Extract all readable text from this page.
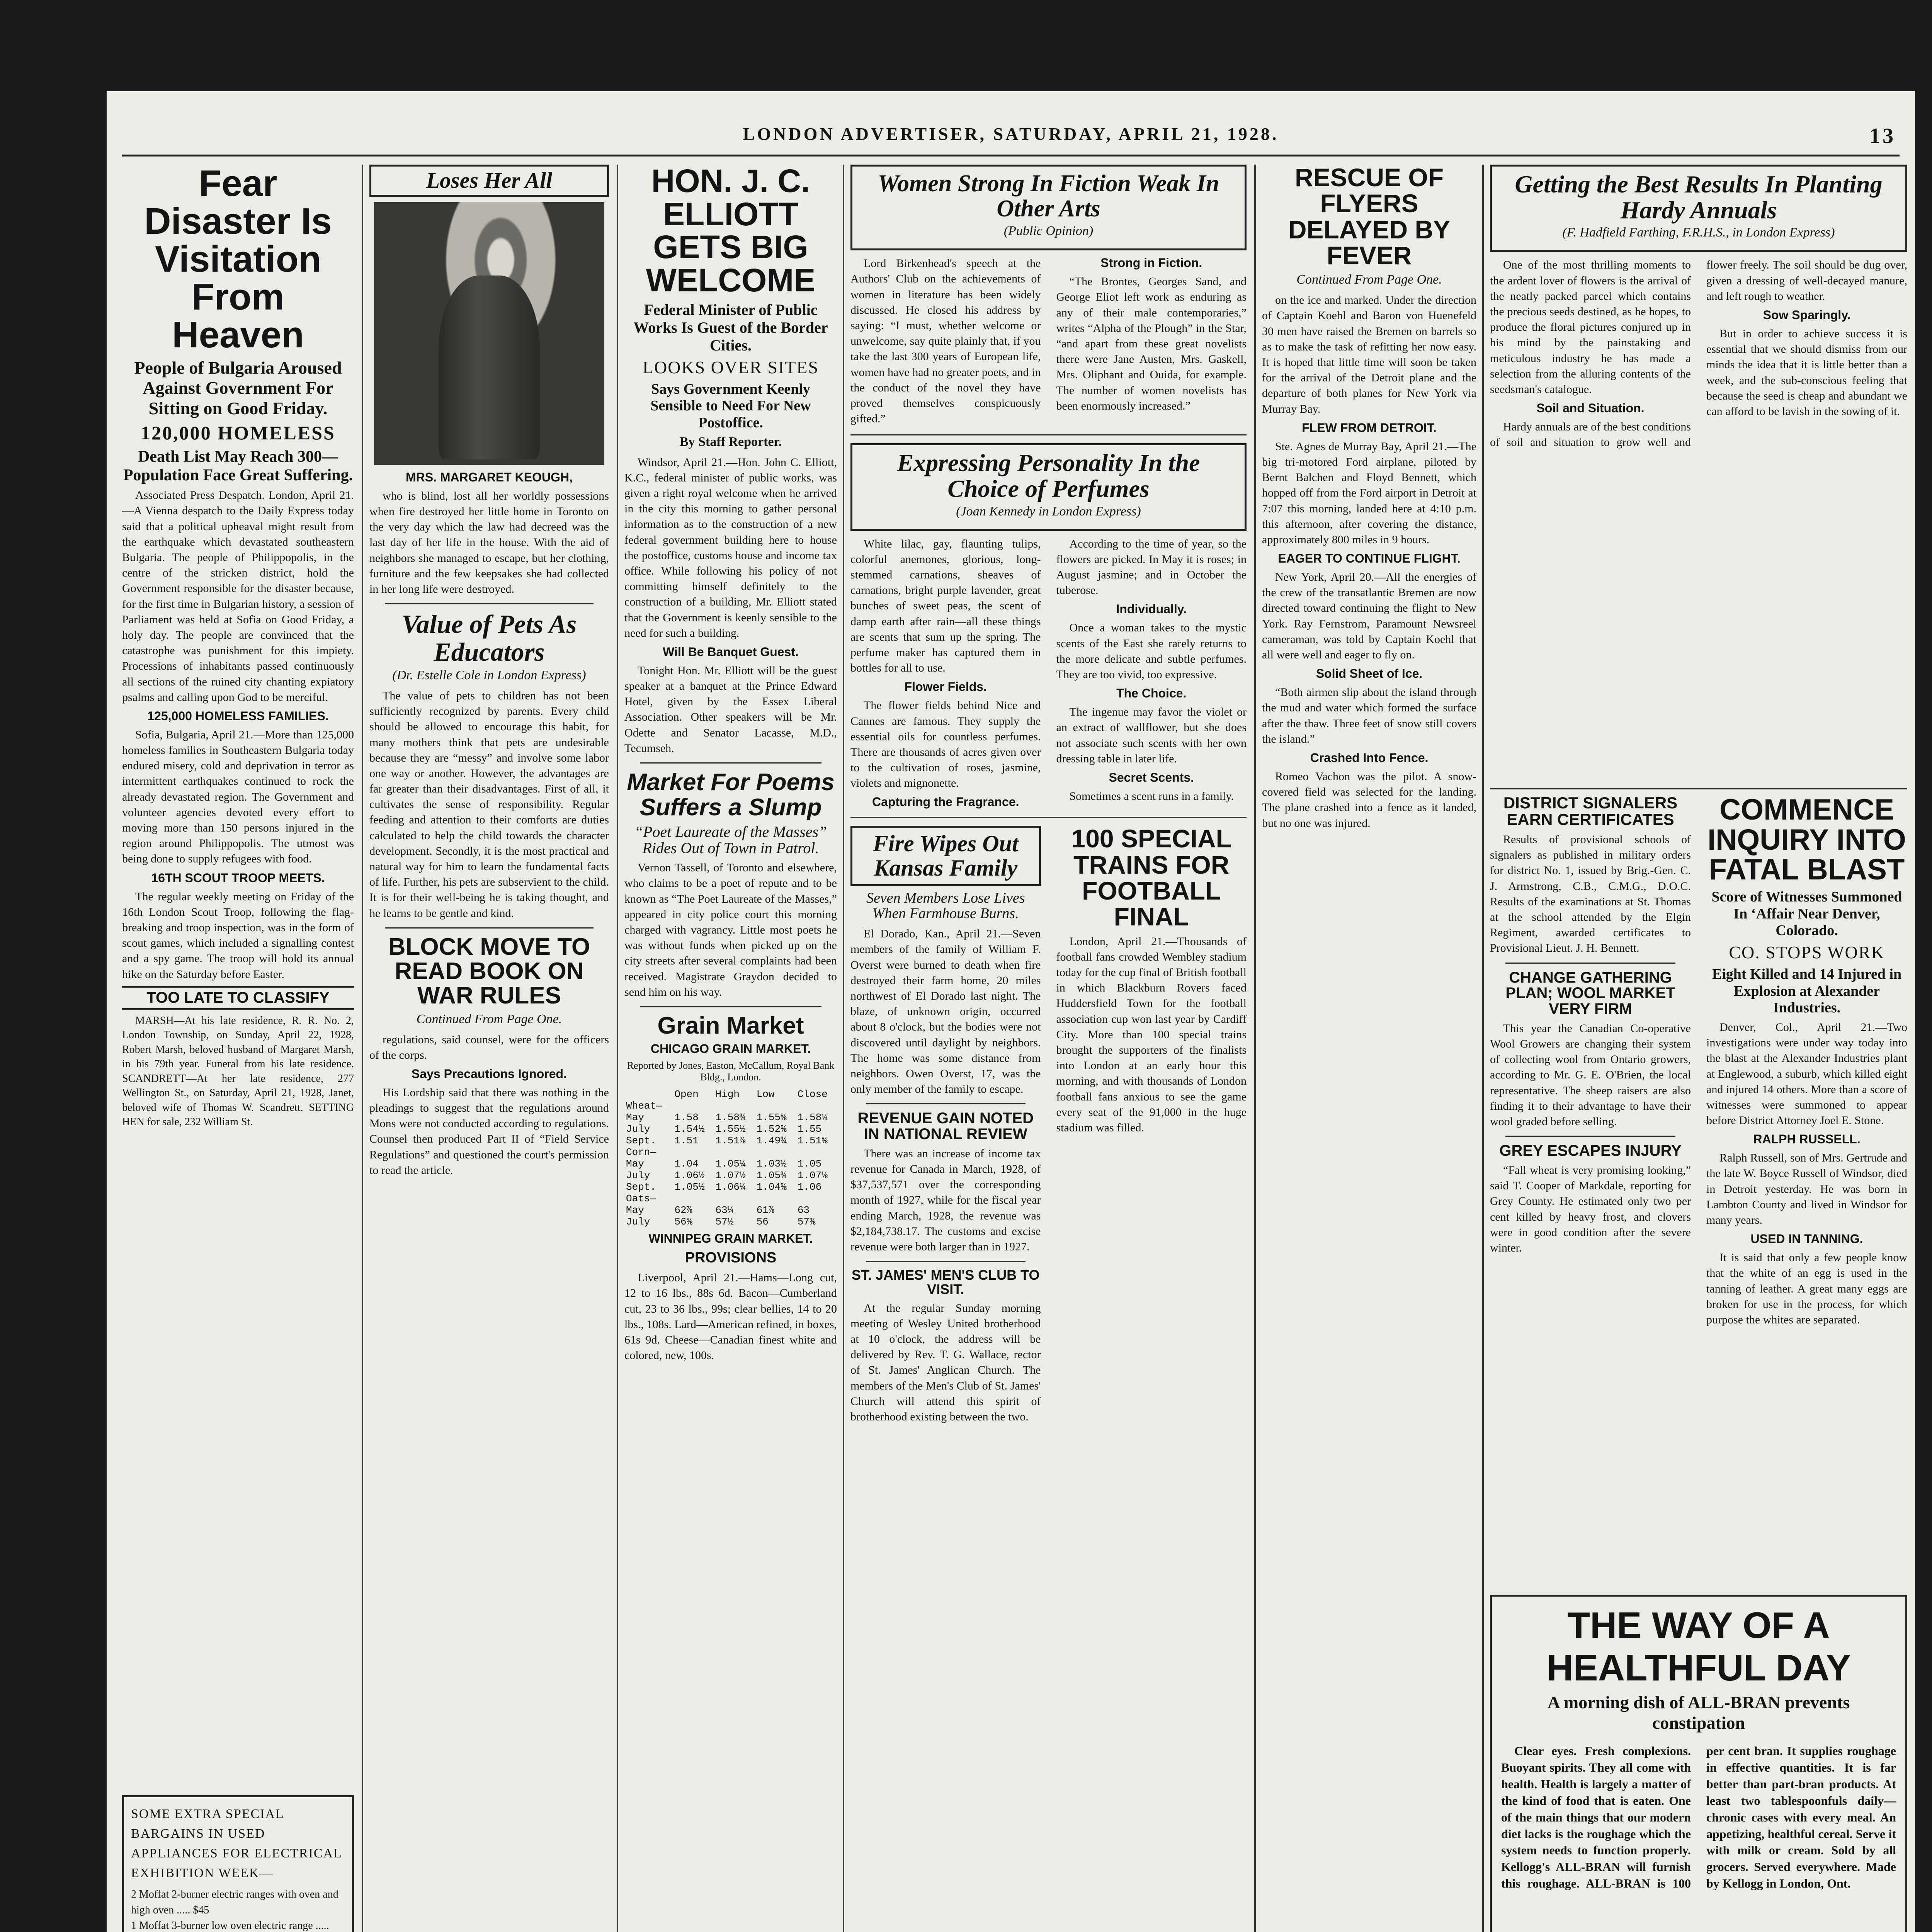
LONDON ADVERTISER, SATURDAY, APRIL 21, 1928.	13
Fear Disaster Is Visitation From Heaven
People of Bulgaria Aroused Against Government For Sitting on Good Friday.
120,000 HOMELESS
Death List May Reach 300—Population Face Great Suffering.

Associated Press Despatch. London, April 21.—A Vienna despatch to the Daily Express today said that a political upheaval might result from the earthquake which devastated southeastern Bulgaria. The people of Philippopolis, in the centre of the stricken district, hold the Government responsible for the disaster because, for the first time in Bulgarian history, a session of Parliament was held at Sofia on Good Friday, a holy day. The people are convinced that the catastrophe was punishment for this impiety. Processions of inhabitants passed continuously all sections of the ruined city chanting expiatory psalms and calling upon God to be merciful.

125,000 HOMELESS FAMILIES.

Sofia, Bulgaria, April 21.—More than 125,000 homeless families in Southeastern Bulgaria today endured misery, cold and deprivation in terror as intermittent earthquakes continued to rock the already devastated region. The Government and volunteer agencies devoted every effort to moving more than 150 persons injured in the region around Philippopolis. The utmost was being done to supply refugees with food.

16TH SCOUT TROOP MEETS.

The regular weekly meeting on Friday of the 16th London Scout Troop, following the flag-breaking and troop inspection, was in the form of scout games, which included a signalling contest and a spy game. The troop will hold its annual hike on the Saturday before Easter.

TOO LATE TO CLASSIFY

MARSH—At his late residence, R. R. No. 2, London Township, on Sunday, April 22, 1928, Robert Marsh, beloved husband of Margaret Marsh, in his 79th year. Funeral from his late residence. SCANDRETT—At her late residence, 277 Wellington St., on Saturday, April 21, 1928, Janet, beloved wife of Thomas W. Scandrett. SETTING HEN for sale, 232 William St.

SOME EXTRA SPECIAL BARGAINS IN USED APPLIANCES FOR ELECTRICAL EXHIBITION WEEK—
2 Moffat 2-burner electric ranges with oven and high oven ..... $45
1 Moffat 3-burner low oven electric range .....
Loses Her All
MRS. MARGARET KEOUGH,

who is blind, lost all her worldly possessions when fire destroyed her little home in Toronto on the very day which the law had decreed was the last day of her life in the house. With the aid of neighbors she managed to escape, but her clothing, furniture and the few keepsakes she had collected in her long life were destroyed.

Value of Pets As Educators
(Dr. Estelle Cole in London Express)

The value of pets to children has not been sufficiently recognized by parents. Every child should be allowed to encourage this habit, for many mothers think that pets are undesirable because they are “messy” and involve some labor one way or another. However, the advantages are far greater than their disadvantages. First of all, it cultivates the sense of responsibility. Regular feeding and attention to their comforts are duties calculated to help the child towards the character development. Secondly, it is the most practical and natural way for him to learn the fundamental facts of life. Further, his pets are subservient to the child. It is for their well-being he is taking thought, and he learns to be gentle and kind.

BLOCK MOVE TO READ BOOK ON WAR RULES
Continued From Page One.

regulations, said counsel, were for the officers of the corps.

Says Precautions Ignored.

His Lordship said that there was nothing in the pleadings to suggest that the regulations around Mons were not conducted according to regulations. Counsel then produced Part II of “Field Service Regulations” and questioned the court's permission to read the article.

HON. J. C. ELLIOTT GETS BIG WELCOME
Federal Minister of Public Works Is Guest of the Border Cities.
LOOKS OVER SITES
Says Government Keenly Sensible to Need For New Postoffice.
By Staff Reporter.

Windsor, April 21.—Hon. John C. Elliott, K.C., federal minister of public works, was given a right royal welcome when he arrived in the city this morning to gather personal information as to the construction of a new federal government building here to house the postoffice, customs house and income tax office. While following his policy of not committing himself definitely to the construction of a building, Mr. Elliott stated that the Government is keenly sensible to the need for such a building.

Will Be Banquet Guest.

Tonight Hon. Mr. Elliott will be the guest speaker at a banquet at the Prince Edward Hotel, given by the Essex Liberal Association. Other speakers will be Mr. Odette and Senator Lacasse, M.D., Tecumseh.

Market For Poems Suffers a Slump
“Poet Laureate of the Masses” Rides Out of Town in Patrol.

Vernon Tassell, of Toronto and elsewhere, who claims to be a poet of repute and to be known as “The Poet Laureate of the Masses,” appeared in city police court this morning charged with vagrancy. Little most poets he was without funds when picked up on the city streets after several complaints had been received. Magistrate Graydon decided to send him on his way.

Grain Market
CHICAGO GRAIN MARKET.
Reported by Jones, Easton, McCallum, Royal Bank Bldg., London.
	Open	High	Low	Close
Wheat—				
May	1.58	1.58¾	1.55⅝	1.58¼
July	1.54½	1.55½	1.52⅝	1.55
Sept.	1.51	1.51⅞	1.49¾	1.51⅝
Corn—				
May	1.04	1.05¼	1.03½	1.05
July	1.06½	1.07½	1.05¾	1.07⅛
Sept.	1.05½	1.06¼	1.04⅝	1.06
Oats—				
May	62⅞	63¼	61⅞	63
July	56⅝	57½	56	57⅜
WINNIPEG GRAIN MARKET.
PROVISIONS

Liverpool, April 21.—Hams—Long cut, 12 to 16 lbs., 88s 6d. Bacon—Cumberland cut, 23 to 36 lbs., 99s; clear bellies, 14 to 20 lbs., 108s. Lard—American refined, in boxes, 61s 9d. Cheese—Canadian finest white and colored, new, 100s.

Women Strong In Fiction Weak In Other Arts
(Public Opinion)

Lord Birkenhead's speech at the Authors' Club on the achievements of women in literature has been widely discussed. He closed his address by saying: “I must, whether welcome or unwelcome, say quite plainly that, if you take the last 300 years of European life, women have had no greater poets, and in the conduct of the novel they have proved themselves conspicuously gifted.”

Strong in Fiction.

“The Brontes, Georges Sand, and George Eliot left work as enduring as any of their male contemporaries,” writes “Alpha of the Plough” in the Star, “and apart from these great novelists there were Jane Austen, Mrs. Gaskell, Mrs. Oliphant and Ouida, for example. The number of women novelists has been enormously increased.”

Expressing Personality In the Choice of Perfumes
(Joan Kennedy in London Express)

White lilac, gay, flaunting tulips, colorful anemones, glorious, long-stemmed carnations, sheaves of carnations, bright purple lavender, great bunches of sweet peas, the scent of damp earth after rain—all these things are scents that sum up the spring. The perfume maker has captured them in bottles for all to use.

Flower Fields.

The flower fields behind Nice and Cannes are famous. They supply the essential oils for countless perfumes. There are thousands of acres given over to the cultivation of roses, jasmine, violets and mignonette.

Capturing the Fragrance.

According to the time of year, so the flowers are picked. In May it is roses; in August jasmine; and in October the tuberose.

Individually.

Once a woman takes to the mystic scents of the East she rarely returns to the more delicate and subtle perfumes. They are too vivid, too expressive.

The Choice.

The ingenue may favor the violet or an extract of wallflower, but she does not associate such scents with her own dressing table in later life.

Secret Scents.

Sometimes a scent runs in a family.

Fire Wipes Out Kansas Family
Seven Members Lose Lives When Farmhouse Burns.

El Dorado, Kan., April 21.—Seven members of the family of William F. Overst were burned to death when fire destroyed their farm home, 20 miles northwest of El Dorado last night. The blaze, of unknown origin, occurred about 8 o'clock, but the bodies were not discovered until daylight by neighbors. The home was some distance from neighbors. Owen Overst, 17, was the only member of the family to escape.

REVENUE GAIN NOTED IN NATIONAL REVIEW

There was an increase of income tax revenue for Canada in March, 1928, of $37,537,571 over the corresponding month of 1927, while for the fiscal year ending March, 1928, the revenue was $2,184,738.17. The customs and excise revenue were both larger than in 1927.

ST. JAMES' MEN'S CLUB TO VISIT.

At the regular Sunday morning meeting of Wesley United brotherhood at 10 o'clock, the address will be delivered by Rev. T. G. Wallace, rector of St. James' Anglican Church. The members of the Men's Club of St. James' Church will attend this spirit of brotherhood existing between the two.

100 SPECIAL TRAINS FOR FOOTBALL FINAL

London, April 21.—Thousands of football fans crowded Wembley stadium today for the cup final of British football in which Blackburn Rovers faced Huddersfield Town for the football association cup won last year by Cardiff City. More than 100 special trains brought the supporters of the finalists into London at an early hour this morning, and with thousands of London football fans anxious to see the game every seat of the 91,000 in the huge stadium was filled.

RESCUE OF FLYERS DELAYED BY FEVER
Continued From Page One.

on the ice and marked. Under the direction of Captain Koehl and Baron von Huenefeld 30 men have raised the Bremen on barrels so as to make the task of refitting her now easy. It is hoped that little time will soon be taken for the arrival of the Detroit plane and the departure of both planes for New York via Murray Bay.

FLEW FROM DETROIT.

Ste. Agnes de Murray Bay, April 21.—The big tri-motored Ford airplane, piloted by Bernt Balchen and Floyd Bennett, which hopped off from the Ford airport in Detroit at 7:07 this morning, landed here at 4:10 p.m. this afternoon, after covering the distance, approximately 800 miles in 9 hours.

EAGER TO CONTINUE FLIGHT.

New York, April 20.—All the energies of the crew of the transatlantic Bremen are now directed toward continuing the flight to New York. Ray Fernstrom, Paramount Newsreel cameraman, was told by Captain Koehl that all were well and eager to fly on.

Solid Sheet of Ice.

“Both airmen slip about the island through the mud and water which formed the surface after the thaw. Three feet of snow still covers the island.”

Crashed Into Fence.

Romeo Vachon was the pilot. A snow-covered field was selected for the landing. The plane crashed into a fence as it landed, but no one was injured.

Getting the Best Results In Planting Hardy Annuals
(F. Hadfield Farthing, F.R.H.S., in London Express)

One of the most thrilling moments to the ardent lover of flowers is the arrival of the neatly packed parcel which contains the precious seeds destined, as he hopes, to produce the floral pictures conjured up in his mind by the painstaking and meticulous industry he has made a selection from the alluring contents of the seedsman's catalogue.

Soil and Situation.

Hardy annuals are of the best conditions of soil and situation to grow well and flower freely. The soil should be dug over, given a dressing of well-decayed manure, and left rough to weather.

Sow Sparingly.

But in order to achieve success it is essential that we should dismiss from our minds the idea that it is little better than a week, and the sub-conscious feeling that because the seed is cheap and abundant we can afford to be lavish in the sowing of it.

DISTRICT SIGNALERS EARN CERTIFICATES

Results of provisional schools of signalers as published in military orders for district No. 1, issued by Brig.-Gen. C. J. Armstrong, C.B., C.M.G., D.O.C. Results of the examinations at St. Thomas at the school attended by the Elgin Regiment, awarded certificates to Provisional Lieut. J. H. Bennett.

CHANGE GATHERING PLAN; WOOL MARKET VERY FIRM

This year the Canadian Co-operative Wool Growers are changing their system of collecting wool from Ontario growers, according to Mr. G. E. O'Brien, the local representative. The sheep raisers are also finding it to their advantage to have their wool graded before selling.

GREY ESCAPES INJURY

“Fall wheat is very promising looking,” said T. Cooper of Markdale, reporting for Grey County. He estimated only two per cent killed by heavy frost, and clovers were in good condition after the severe winter.

COMMENCE INQUIRY INTO FATAL BLAST
Score of Witnesses Summoned In ‘Affair Near Denver, Colorado.
CO. STOPS WORK
Eight Killed and 14 Injured in Explosion at Alexander Industries.

Denver, Col., April 21.—Two investigations were under way today into the blast at the Alexander Industries plant at Englewood, a suburb, which killed eight and injured 14 others. More than a score of witnesses were summoned to appear before District Attorney Joel E. Stone.

RALPH RUSSELL.

Ralph Russell, son of Mrs. Gertrude and the late W. Boyce Russell of Windsor, died in Detroit yesterday. He was born in Lambton County and lived in Windsor for many years.

USED IN TANNING.

It is said that only a few people know that the white of an egg is used in the tanning of leather. A great many eggs are broken for use in the process, for which purpose the whites are separated.

THE WAY OF A HEALTHFUL DAY
A morning dish of ALL-BRAN prevents constipation

Clear eyes. Fresh complexions. Buoyant spirits. They all come with health. Health is largely a matter of the kind of food that is eaten. One of the main things that our modern diet lacks is the roughage which the system needs to function properly. Kellogg's ALL-BRAN will furnish this roughage. ALL-BRAN is 100 per cent bran. It supplies roughage in effective quantities. It is far better than part-bran products. At least two tablespoonfuls daily—chronic cases with every meal. An appetizing, healthful cereal. Serve it with milk or cream. Sold by all grocers. Served everywhere. Made by Kellogg in London, Ont.
